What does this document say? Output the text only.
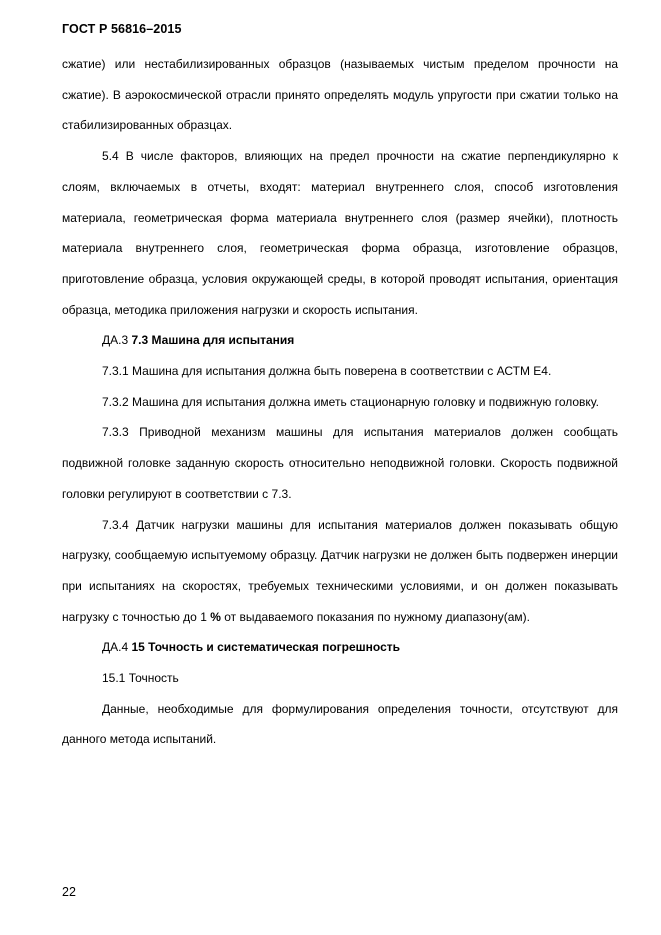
ГОСТ Р 56816–2015

сжатие) или нестабилизированных образцов (называемых чистым пределом прочности на сжатие). В аэрокосмической отрасли принято определять модуль упругости при сжатии только на стабилизированных образцах.

5.4 В числе факторов, влияющих на предел прочности на сжатие перпендикулярно к слоям, включаемых в отчеты, входят: материал внутреннего слоя, способ изготовления материала, геометрическая форма материала внутреннего слоя (размер ячейки), плотность материала внутреннего слоя, геометрическая форма образца, изготовление образцов, приготовление образца, условия окружающей среды, в которой проводят испытания, ориентация образца, методика приложения нагрузки и скорость испытания.

ДА.3 7.3 Машина для испытания

7.3.1 Машина для испытания должна быть поверена в соответствии с АСТМ Е4.

7.3.2 Машина для испытания должна иметь стационарную головку и подвижную головку.

7.3.3 Приводной механизм машины для испытания материалов должен сообщать подвижной головке заданную скорость относительно неподвижной головки. Скорость подвижной головки регулируют в соответствии с 7.3.

7.3.4 Датчик нагрузки машины для испытания материалов должен показывать общую нагрузку, сообщаемую испытуемому образцу. Датчик нагрузки не должен быть подвержен инерции при испытаниях на скоростях, требуемых техническими условиями, и он должен показывать нагрузку с точностью до 1 % от выдаваемого показания по нужному диапазону(ам).

ДА.4 15 Точность и систематическая погрешность

15.1 Точность

Данные, необходимые для формулирования определения точности, отсутствуют для данного метода испытаний.

22
